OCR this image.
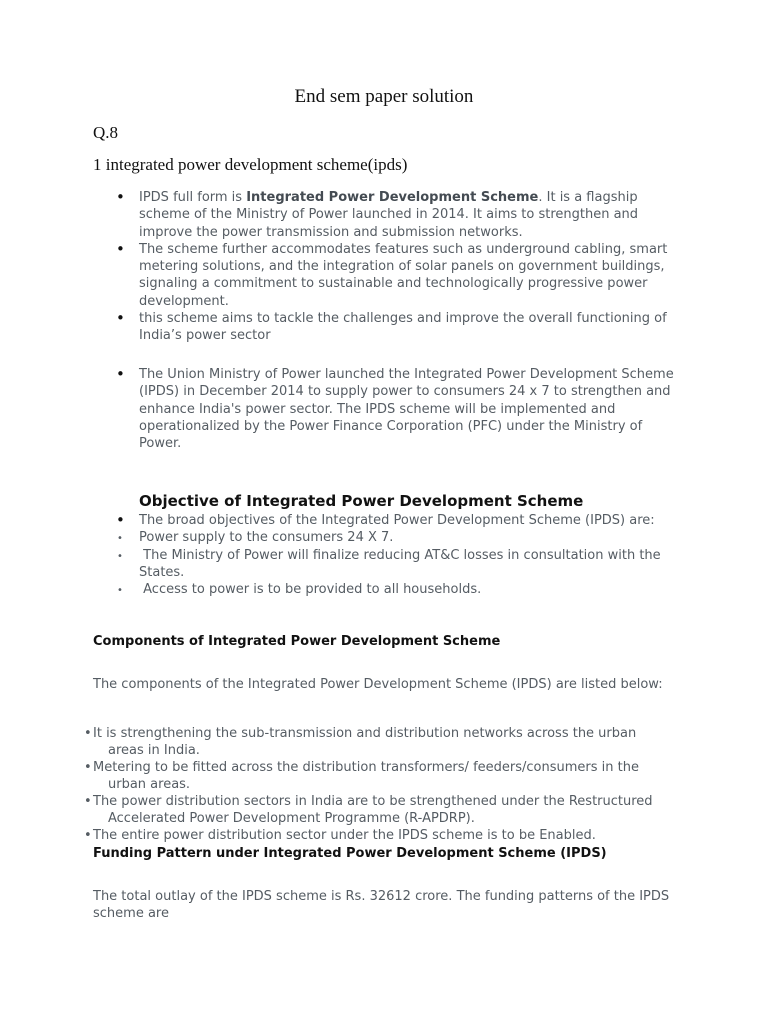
End sem paper solution

Q.8

1 integrated power development scheme(ipds)

• IPDS full form is Integrated Power Development Scheme. It is a flagship scheme of the Ministry of Power launched in 2014. It aims to strengthen and improve the power transmission and submission networks.
• The scheme further accommodates features such as underground cabling, smart metering solutions, and the integration of solar panels on government buildings, signaling a commitment to sustainable and technologically progressive power development.
• this scheme aims to tackle the challenges and improve the overall functioning of India’s power sector
• The Union Ministry of Power launched the Integrated Power Development Scheme (IPDS) in December 2014 to supply power to consumers 24 x 7 to strengthen and enhance India's power sector. The IPDS scheme will be implemented and operationalized by the Power Finance Corporation (PFC) under the Ministry of Power.
Objective of Integrated Power Development Scheme
• The broad objectives of the Integrated Power Development Scheme (IPDS) are:
• Power supply to the consumers 24 X 7.
• The Ministry of Power will finalize reducing AT&C losses in consultation with the States.
• Access to power is to be provided to all households.
Components of Integrated Power Development Scheme

The components of the Integrated Power Development Scheme (IPDS) are listed below:

• It is strengthening the sub-transmission and distribution networks across the urban areas in India.
• Metering to be fitted across the distribution transformers/ feeders/consumers in the urban areas.
• The power distribution sectors in India are to be strengthened under the Restructured Accelerated Power Development Programme (R-APDRP).
• The entire power distribution sector under the IPDS scheme is to be Enabled.
Funding Pattern under Integrated Power Development Scheme (IPDS)

The total outlay of the IPDS scheme is Rs. 32612 crore. The funding patterns of the IPDS scheme are
